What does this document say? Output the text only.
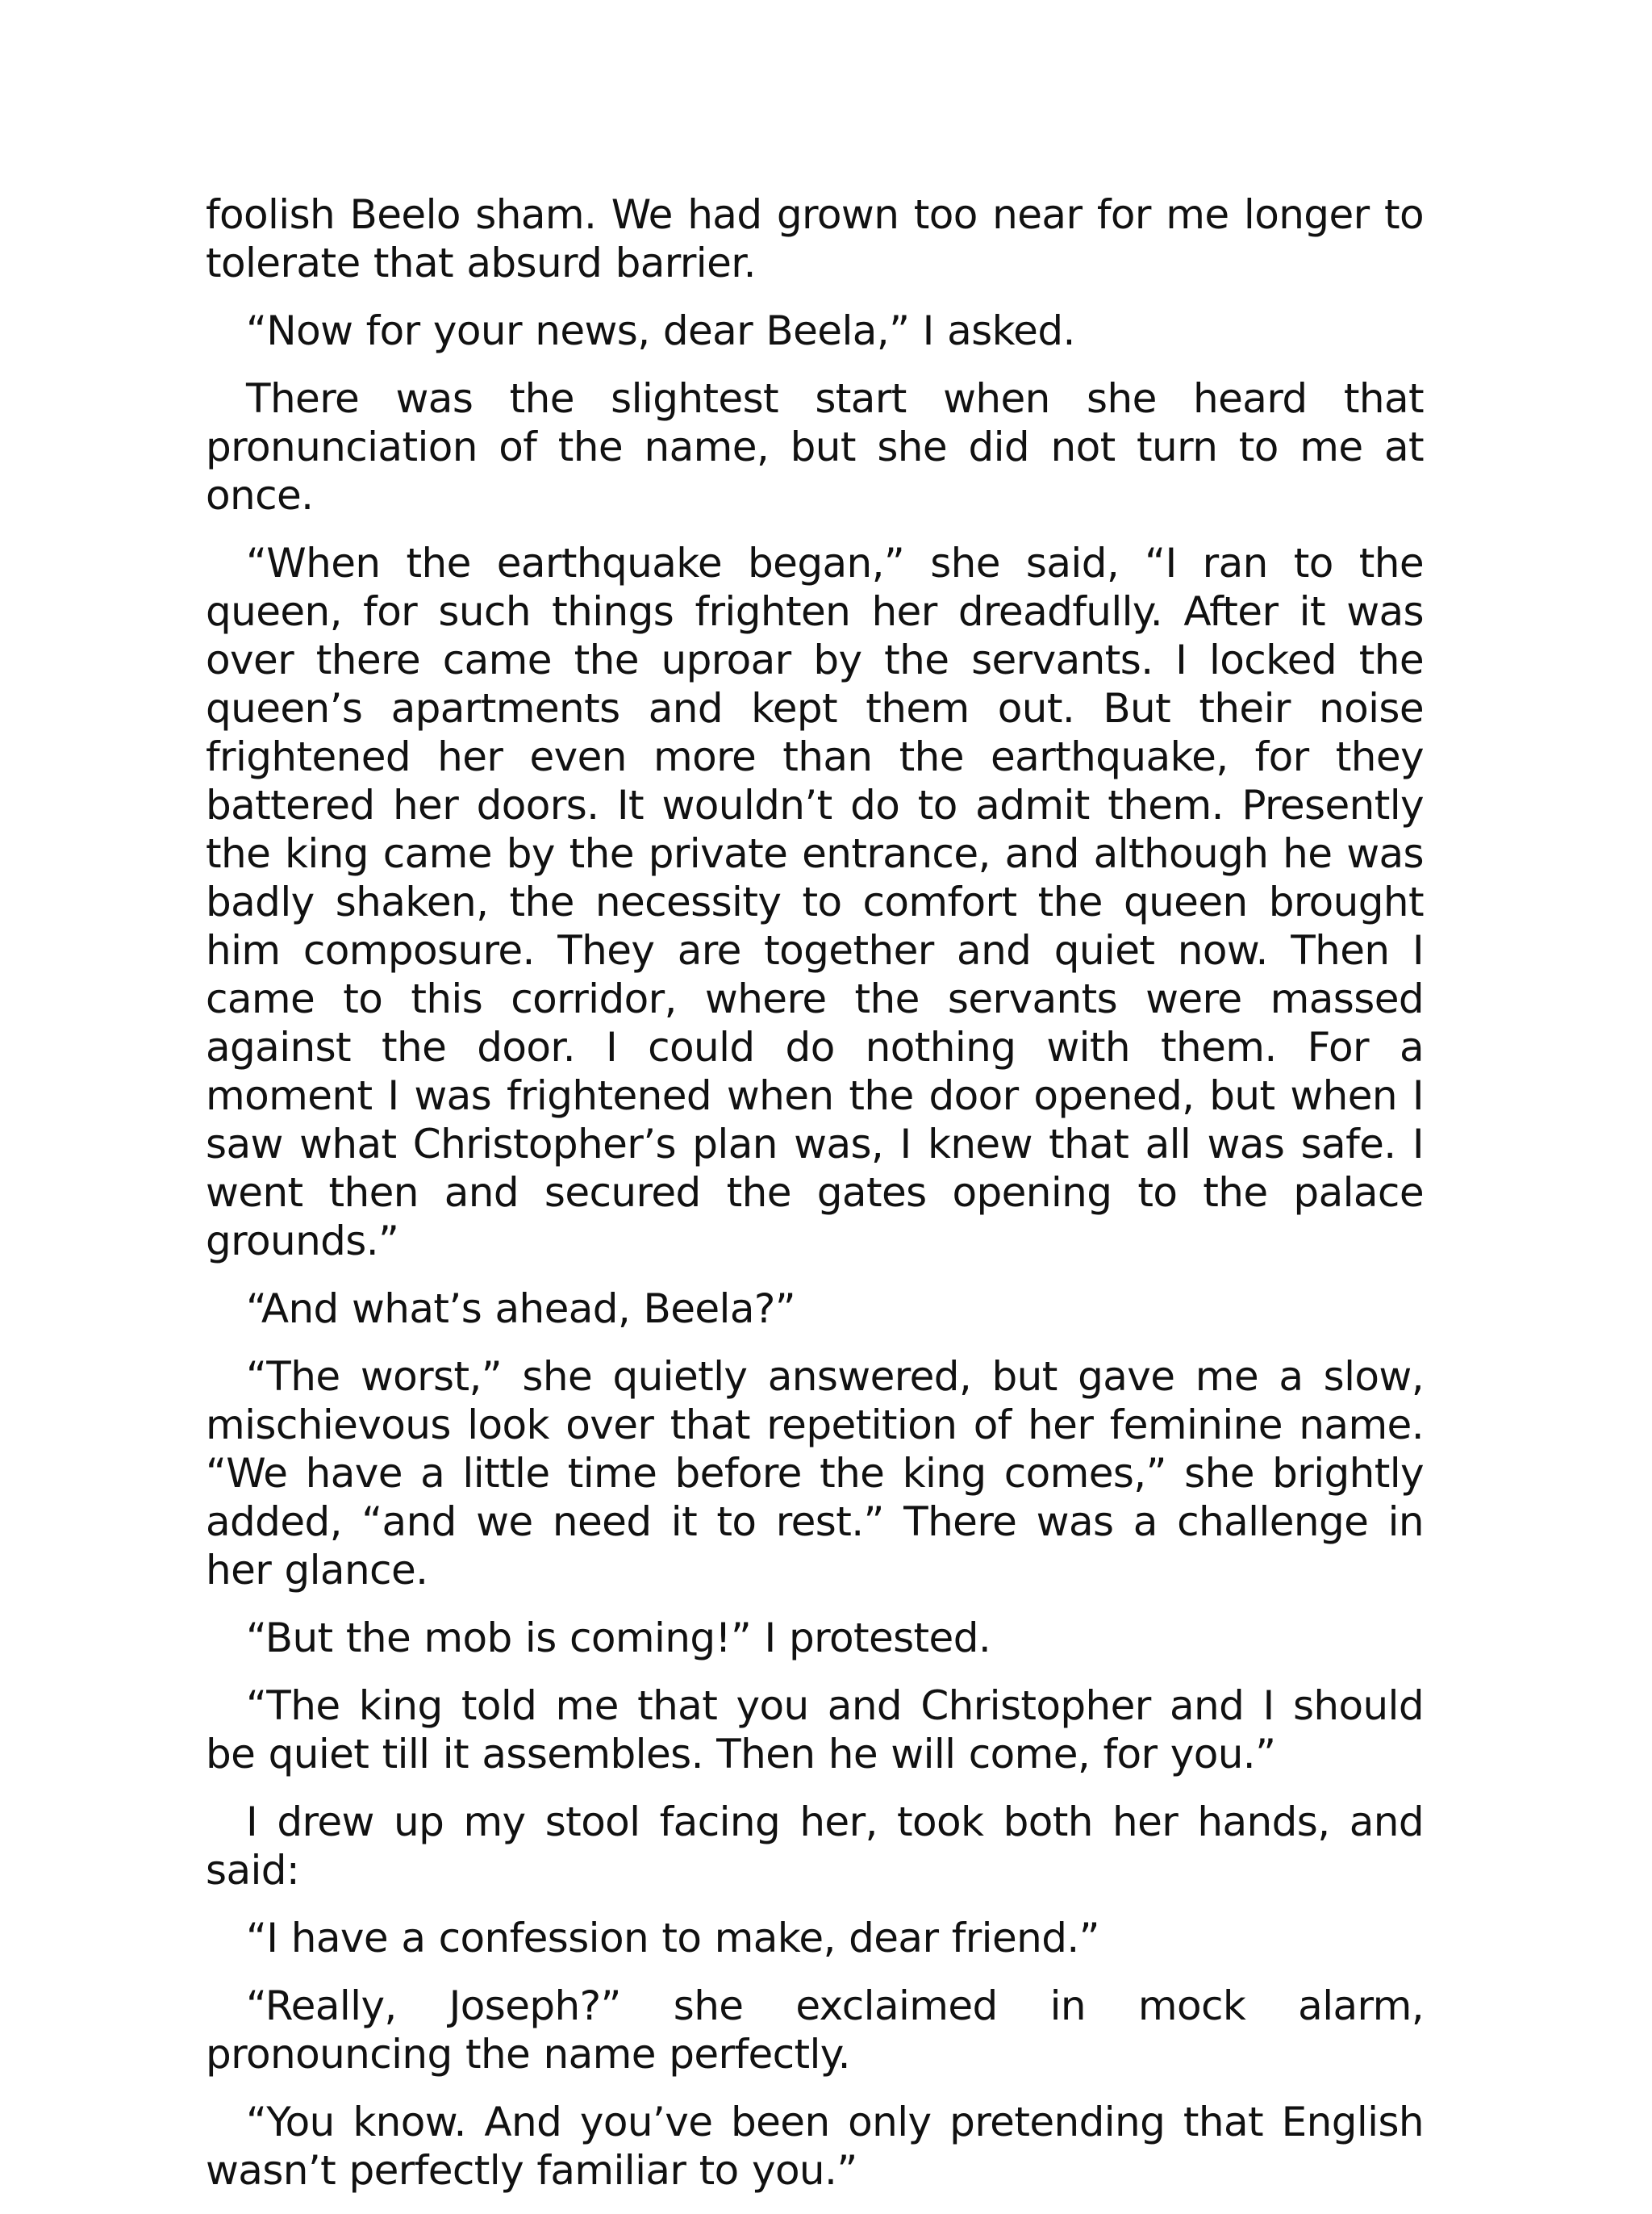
foolish Beelo sham. We had grown too near for me longer to tolerate that absurd barrier.

“Now for your news, dear Beela,” I asked.

There was the slightest start when she heard that pronunciation of the name, but she did not turn to me at once.

“When the earthquake began,” she said, “I ran to the queen, for such things frighten her dreadfully. After it was over there came the uproar by the servants. I locked the queen’s apartments and kept them out. But their noise frightened her even more than the earthquake, for they battered her doors. It wouldn’t do to admit them. Presently the king came by the private entrance, and although he was badly shaken, the necessity to comfort the queen brought him composure. They are together and quiet now. Then I came to this corridor, where the servants were massed against the door. I could do nothing with them. For a moment I was frightened when the door opened, but when I saw what Christopher’s plan was, I knew that all was safe. I went then and secured the gates opening to the palace grounds.”

“And what’s ahead, Beela?”

“The worst,” she quietly answered, but gave me a slow, mischievous look over that repetition of her feminine name. “We have a little time before the king comes,” she brightly added, “and we need it to rest.” There was a challenge in her glance.

“But the mob is coming!” I protested.

“The king told me that you and Christopher and I should be quiet till it assembles. Then he will come, for you.”

I drew up my stool facing her, took both her hands, and said:

“I have a confession to make, dear friend.”

“Really, Joseph?” she exclaimed in mock alarm, pronouncing the name perfectly.

“You know. And you’ve been only pretending that English wasn’t perfectly familiar to you.”
